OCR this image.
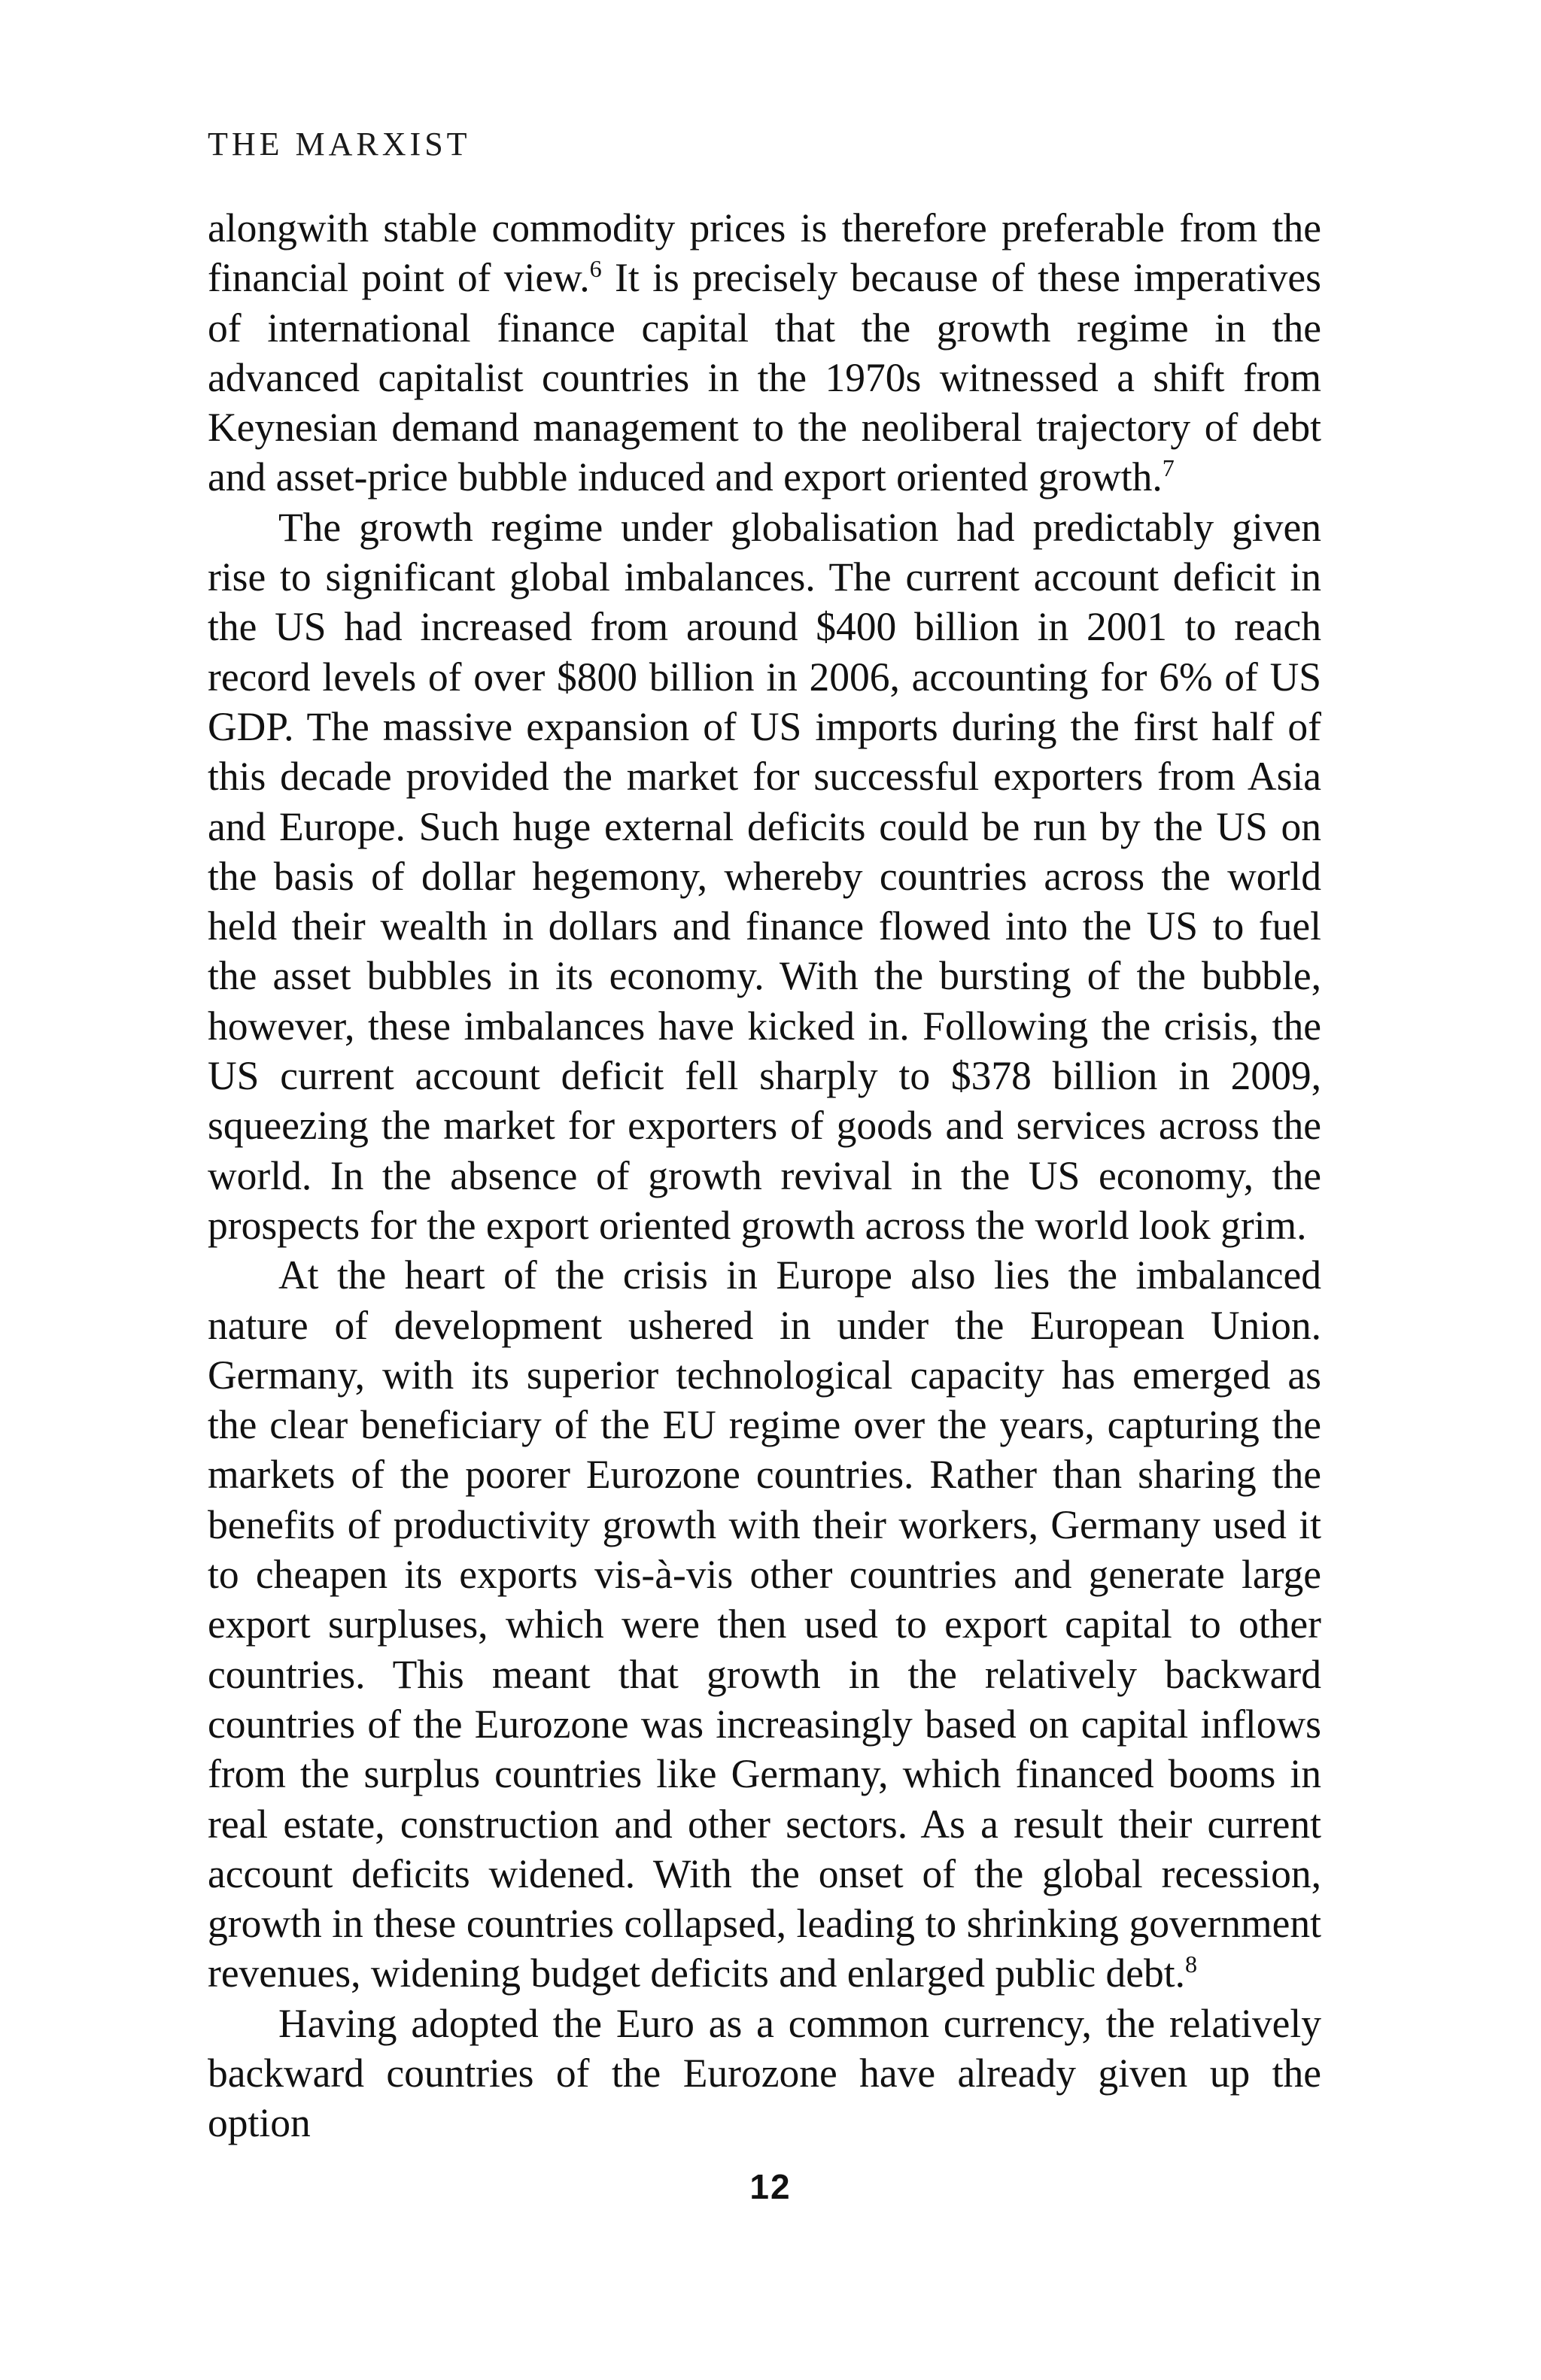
THE MARXIST

alongwith stable commodity prices is therefore preferable from the financial point of view.$^6$ It is precisely because of these imperatives of international finance capital that the growth regime in the advanced capitalist countries in the 1970s witnessed a shift from Keynesian demand management to the neoliberal trajectory of debt and asset-price bubble induced and export oriented growth.$^7$

The growth regime under globalisation had predictably given rise to significant global imbalances. The current account deficit in the US had increased from around $400 billion in 2001 to reach record levels of over $800 billion in 2006, accounting for 6% of US GDP. The massive expansion of US imports during the first half of this decade provided the market for successful exporters from Asia and Europe. Such huge external deficits could be run by the US on the basis of dollar hegemony, whereby countries across the world held their wealth in dollars and finance flowed into the US to fuel the asset bubbles in its economy. With the bursting of the bubble, however, these imbalances have kicked in. Following the crisis, the US current account deficit fell sharply to $378 billion in 2009, squeezing the market for exporters of goods and services across the world. In the absence of growth revival in the US economy, the prospects for the export oriented growth across the world look grim.

At the heart of the crisis in Europe also lies the imbalanced nature of development ushered in under the European Union. Germany, with its superior technological capacity has emerged as the clear beneficiary of the EU regime over the years, capturing the markets of the poorer Eurozone countries. Rather than sharing the benefits of productivity growth with their workers, Germany used it to cheapen its exports vis-à-vis other countries and generate large export surpluses, which were then used to export capital to other countries. This meant that growth in the relatively backward countries of the Eurozone was increasingly based on capital inflows from the surplus countries like Germany, which financed booms in real estate, construction and other sectors. As a result their current account deficits widened. With the onset of the global recession, growth in these countries collapsed, leading to shrinking government revenues, widening budget deficits and enlarged public debt.$^8$

Having adopted the Euro as a common currency, the relatively backward countries of the Eurozone have already given up the option

12
